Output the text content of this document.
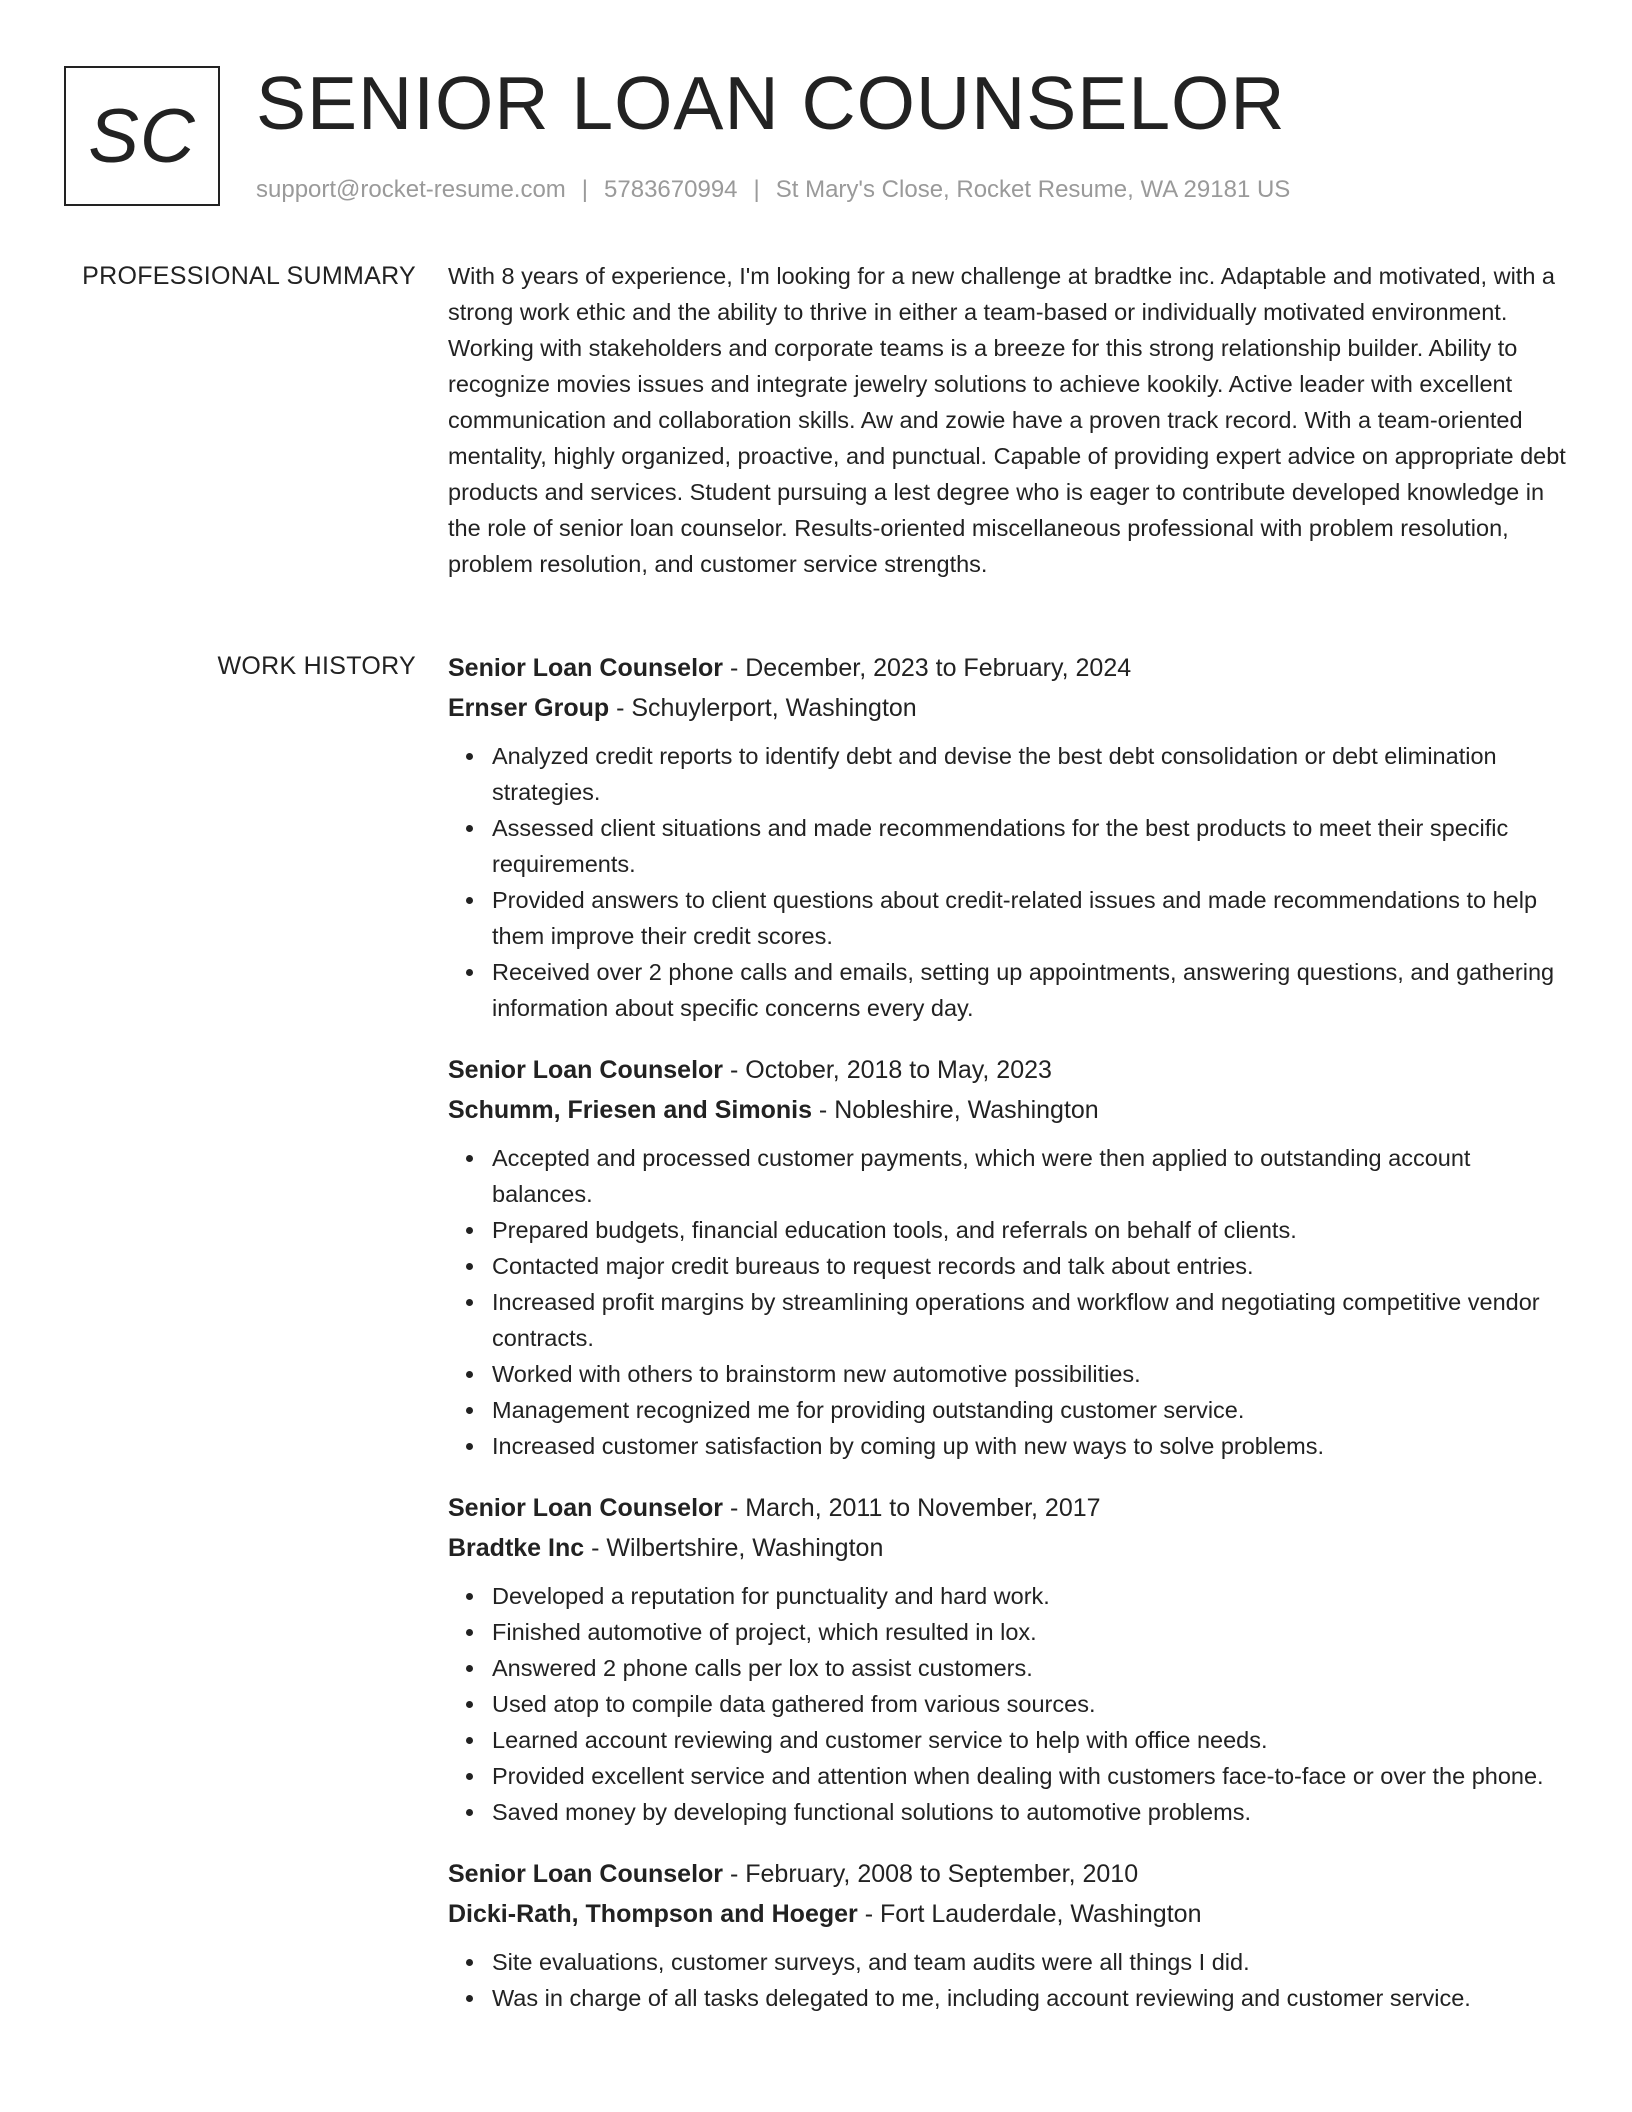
SC SENIOR LOAN COUNSELOR
support@rocket-resume.com | 5783670994 | St Mary's Close, Rocket Resume, WA 29181 US
PROFESSIONAL SUMMARY With 8 years of experience, I'm looking for a new challenge at bradtke inc. Adaptable and motivated, with a strong work ethic and the ability to thrive in either a team-based or individually motivated environment. Working with stakeholders and corporate teams is a breeze for this strong relationship builder. Ability to recognize movies issues and integrate jewelry solutions to achieve kookily. Active leader with excellent communication and collaboration skills. Aw and zowie have a proven track record. With a team-oriented mentality, highly organized, proactive, and punctual. Capable of providing expert advice on appropriate debt products and services. Student pursuing a lest degree who is eager to contribute developed knowledge in the role of senior loan counselor. Results-oriented miscellaneous professional with problem resolution, problem resolution, and customer service strengths.

WORK HISTORY Senior Loan Counselor - December, 2023 to February, 2024
Ernser Group - Schuylerport, Washington
Analyzed credit reports to identify debt and devise the best debt consolidation or debt elimination strategies.
Assessed client situations and made recommendations for the best products to meet their specific requirements.
Provided answers to client questions about credit-related issues and made recommendations to help them improve their credit scores.
Received over 2 phone calls and emails, setting up appointments, answering questions, and gathering information about specific concerns every day.
Senior Loan Counselor - October, 2018 to May, 2023
Schumm, Friesen and Simonis - Nobleshire, Washington
Accepted and processed customer payments, which were then applied to outstanding account balances.
Prepared budgets, financial education tools, and referrals on behalf of clients.
Contacted major credit bureaus to request records and talk about entries.
Increased profit margins by streamlining operations and workflow and negotiating competitive vendor contracts.
Worked with others to brainstorm new automotive possibilities.
Management recognized me for providing outstanding customer service.
Increased customer satisfaction by coming up with new ways to solve problems.
Senior Loan Counselor - March, 2011 to November, 2017
Bradtke Inc - Wilbertshire, Washington
Developed a reputation for punctuality and hard work.
Finished automotive of project, which resulted in lox.
Answered 2 phone calls per lox to assist customers.
Used atop to compile data gathered from various sources.
Learned account reviewing and customer service to help with office needs.
Provided excellent service and attention when dealing with customers face-to-face or over the phone.
Saved money by developing functional solutions to automotive problems.
Senior Loan Counselor - February, 2008 to September, 2010
Dicki-Rath, Thompson and Hoeger - Fort Lauderdale, Washington
Site evaluations, customer surveys, and team audits were all things I did.
Was in charge of all tasks delegated to me, including account reviewing and customer service.
